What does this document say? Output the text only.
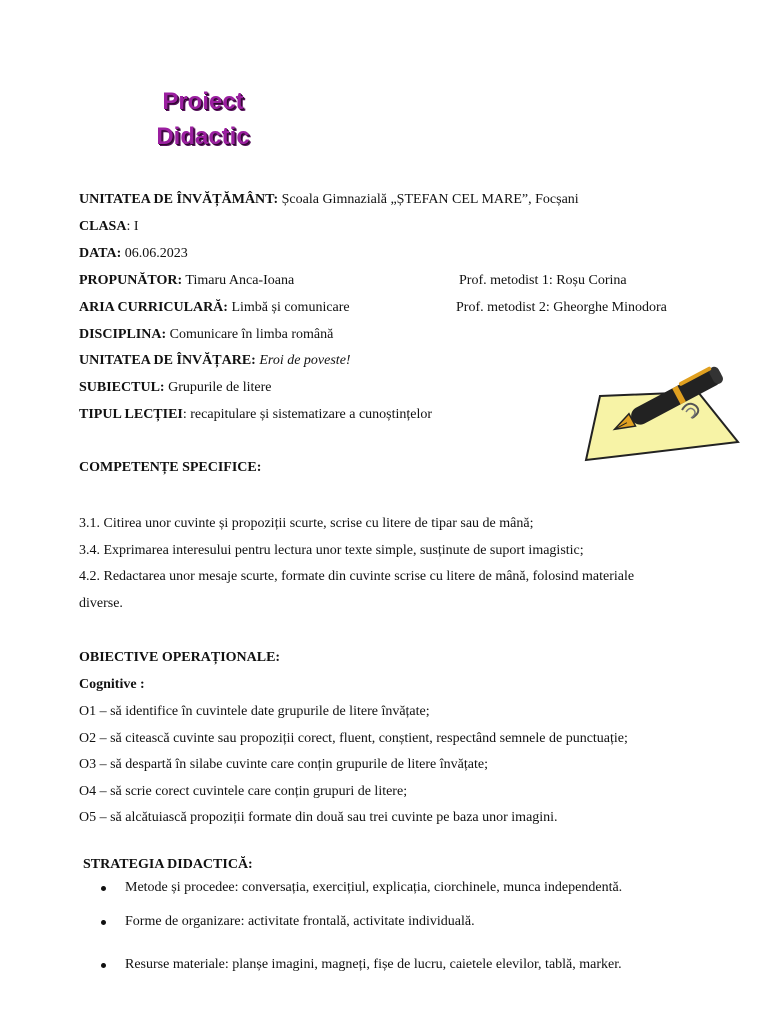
Proiect
Didactic
UNITATEA DE ÎNVĂȚĂMÂNT: Școala Gimnazială „ȘTEFAN CEL MARE”, Focșani
CLASA: I
DATA: 06.06.2023
PROPUNĂTOR: Timaru Anca-Ioana	Prof. metodist 1: Roșu Corina
ARIA CURRICULARĂ: Limbă și comunicare	Prof. metodist 2: Gheorghe Minodora
DISCIPLINA: Comunicare în limba română
UNITATEA DE ÎNVĂȚARE: Eroi de poveste!
SUBIECTUL: Grupurile de litere
TIPUL LECȚIEI: recapitulare și sistematizare a cunoștințelor
COMPETENȚE SPECIFICE:
3.1. Citirea unor cuvinte și propoziții scurte, scrise cu litere de tipar sau de mână;
3.4. Exprimarea interesului pentru lectura unor texte simple, susținute de suport imagistic;
4.2. Redactarea unor mesaje scurte, formate din cuvinte scrise cu litere de mână, folosind materiale
diverse.
OBIECTIVE OPERAȚIONALE:
Cognitive :
O1 – să identifice în cuvintele date grupurile de litere învățate;
O2 – să citească cuvinte sau propoziții corect, fluent, conștient, respectând semnele de punctuație;
O3 – să despartă în silabe cuvinte care conțin grupurile de litere învățate;
O4 – să scrie corect cuvintele care conțin grupuri de litere;
O5 – să alcătuiască propoziții formate din două sau trei cuvinte pe baza unor imagini.
STRATEGIA DIDACTICĂ:
Metode și procedee: conversația, exercițiul, explicația, ciorchinele, munca independentă.
Forme de organizare: activitate frontală, activitate individuală.
Resurse materiale: planșe imagini, magneți, fișe de lucru, caietele elevilor, tablă, marker.
